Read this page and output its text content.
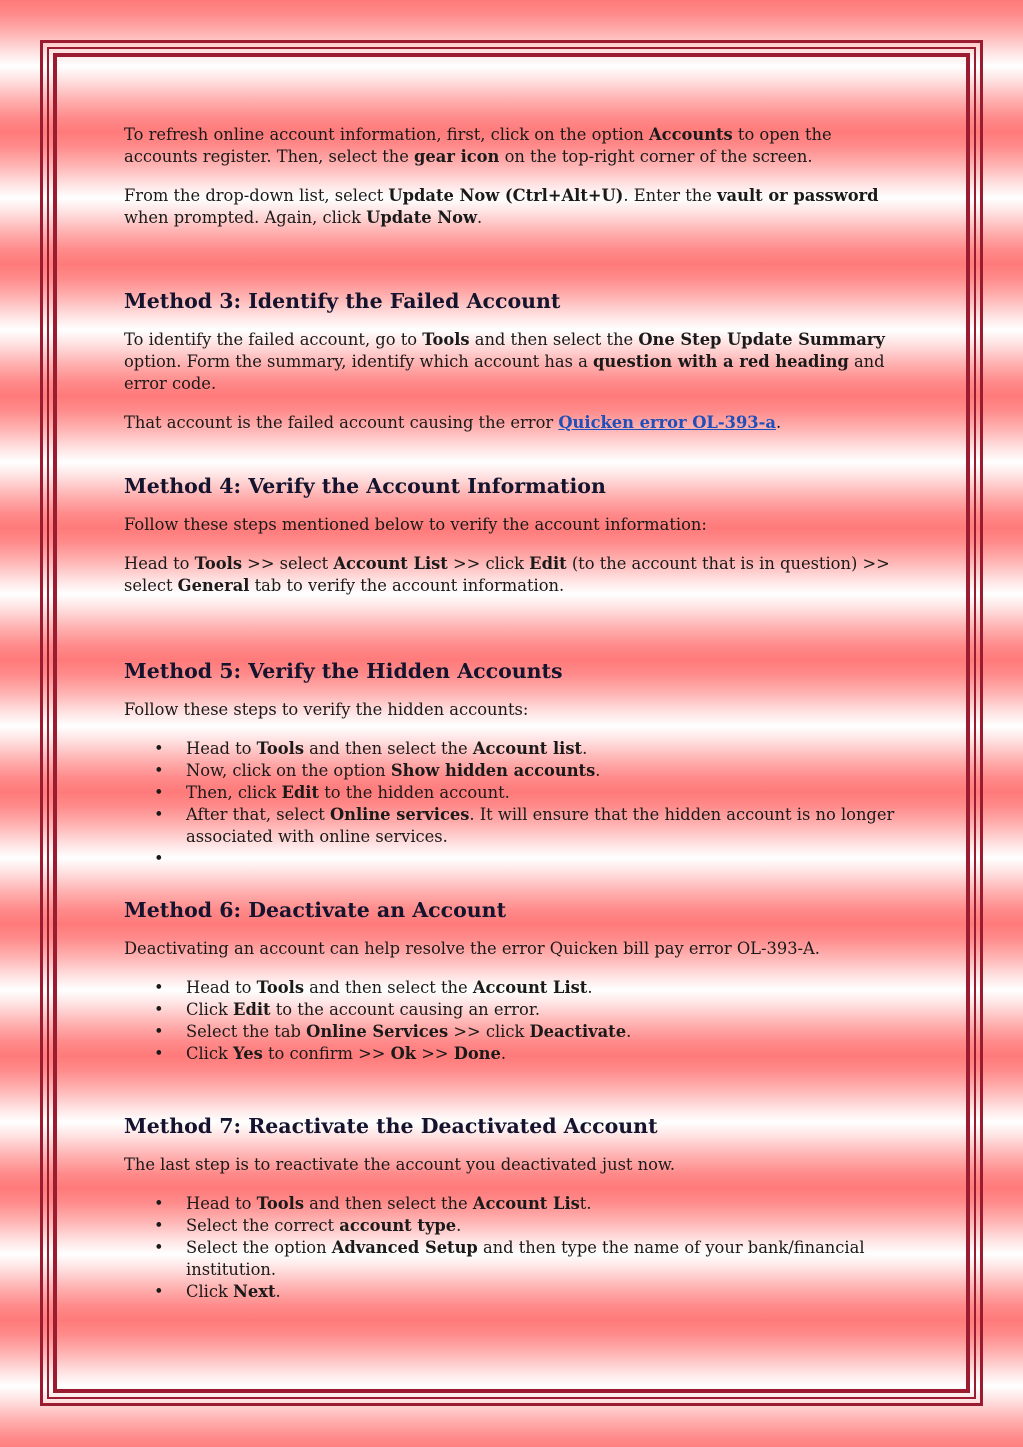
To refresh online account information, first, click on the option Accounts to open the accounts register. Then, select the gear icon on the top-right corner of the screen.

From the drop-down list, select Update Now (Ctrl+Alt+U). Enter the vault or password when prompted. Again, click Update Now.

Method 3: Identify the Failed Account

To identify the failed account, go to Tools and then select the One Step Update Summary option. Form the summary, identify which account has a question with a red heading and error code.

That account is the failed account causing the error Quicken error OL-393-a.

Method 4: Verify the Account Information

Follow these steps mentioned below to verify the account information:

Head to Tools >> select Account List >> click Edit (to the account that is in question) >> select General tab to verify the account information.

Method 5: Verify the Hidden Accounts

Follow these steps to verify the hidden accounts:

• Head to Tools and then select the Account list.
• Now, click on the option Show hidden accounts.
• Then, click Edit to the hidden account.
• After that, select Online services. It will ensure that the hidden account is no longer associated with online services.
•
Method 6: Deactivate an Account

Deactivating an account can help resolve the error Quicken bill pay error OL-393-A.

• Head to Tools and then select the Account List.
• Click Edit to the account causing an error.
• Select the tab Online Services >> click Deactivate.
• Click Yes to confirm >> Ok >> Done.
Method 7: Reactivate the Deactivated Account

The last step is to reactivate the account you deactivated just now.

• Head to Tools and then select the Account List.
• Select the correct account type.
• Select the option Advanced Setup and then type the name of your bank/financial institution.
• Click Next.
